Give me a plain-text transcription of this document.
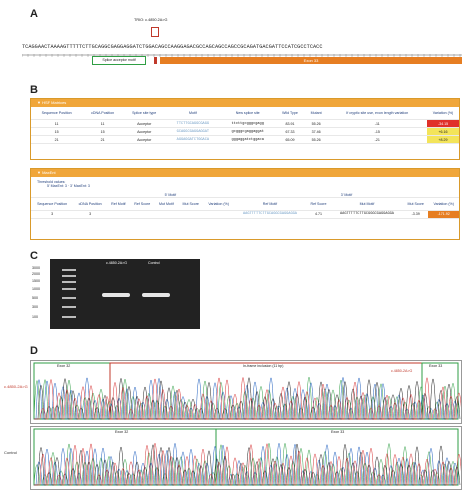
A
B
C
D
TRIO: c.4850.2A>G
TCAGGAACTAAAAGTTTTTCTTGCAGGCGAGGAGGATCTGGACAGCCAAGGAGACGCCAGCAGCCAGCCGCAGATGACGATTCCATCGCCTCACC
Splice acceptor motif	Exon 33
▼ HSF Matrices
Sequence Position	cDNA Position	Splice site type	Motif	New splice site	Wild Type	Mutant	If cryptic site use, exon length variation	Variation (%)
11	11	Acceptor	TTCTTGCAGGCGAGG	ttcttgcgggcgagg	83.91	55.26	-11	-34.15
15	15	Acceptor	GCAGGCGAGGAGGAT	gcgggcgaggaggat	67.33	37.46	-15	+6.16
21	21	Acceptor	AGGAGGATCTGGACA	gggaggatctggaca	65.09	55.26	-21	+8.29
▼ MaxEnt
Threshold values:
5' MaxEnt: 3 · 3' MaxEnt: 3
		5' Motif					3' Motif				
Sequence Position	cDNA Position	Ref Motif	Ref Score	Mut Motif	Mut Score	Variation (%)	Ref Motif	Ref Score	Mut Motif	Mut Score	Variation (%)
3	3						AAGTTTTTCTTGCAGGCGAGGAGGA	4.71	AAGTTTTTCTTGCGGGCGAGGAGGA	-3.39	-171.92
c.4850.2A>G	Control
3000
2000
1500
1000
500
300
100
Exon 32	In-frame inclusion (11 bp)	Exon 33
c.4850-2A>G
c.4850-2A>G
Exon 32	Exon 33
Control
